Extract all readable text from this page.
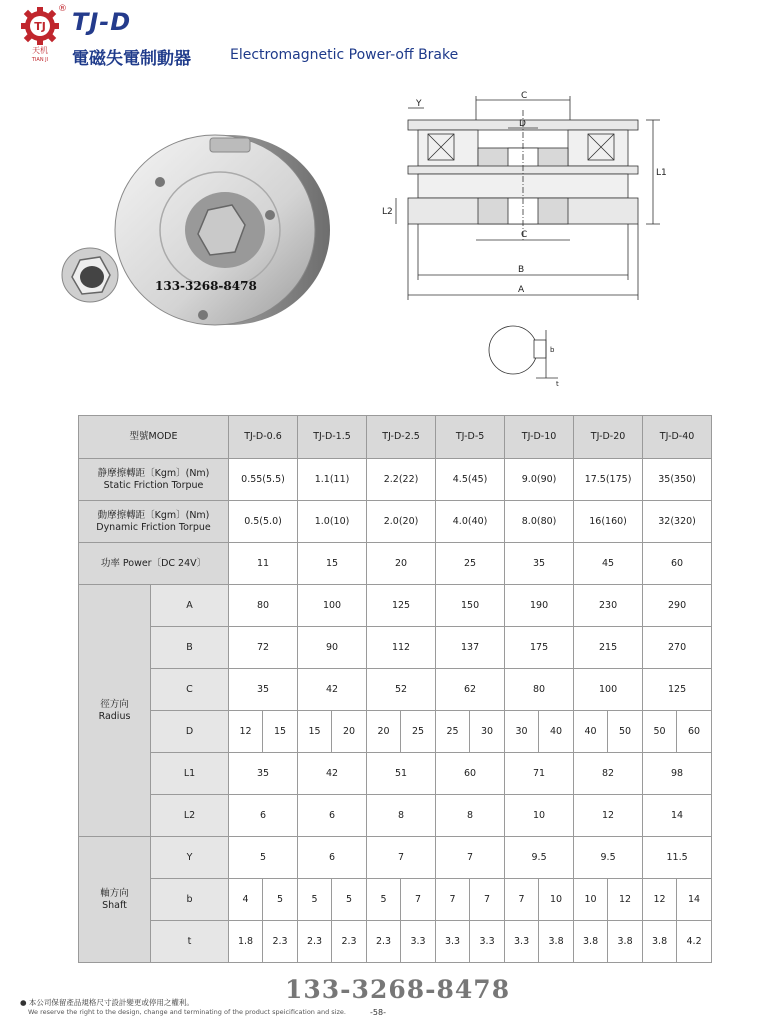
TJ
天机
TIAN JI
® TJ-D
電磁失電制動器	Electromagnetic Power-off Brake
133-3268-8478
Y
C
D
C
L1
L2
B
A
b
t
型號MODE		TJ-D-0.6		TJ-D-1.5		TJ-D-2.5		TJ-D-5		TJ-D-10		TJ-D-20		TJ-D-40	
静摩擦轉距〔Kgm〕(Nm)
Static Friction Torpue		0.55(5.5)		1.1(11)		2.2(22)		4.5(45)		9.0(90)		17.5(175)		35(350)	
動摩擦轉距〔Kgm〕(Nm)
Dynamic Friction Torpue		0.5(5.0)		1.0(10)		2.0(20)		4.0(40)		8.0(80)		16(160)		32(320)	
功率 Power〔DC 24V〕		11		15		20		25		35		45		60	
徑方向
Radius	A	80		100		125		150		190		230		290	
	B	72		90		112		137		175		215		270	
	C	35		42		52		62		80		100		125	
	D	12	15	15	20	20	25	25	30	30	40	40	50	50	60
	L1	35		42		51		60		71		82		98	
	L2	6		6		8		8		10		12		14	
軸方向
Shaft	Y	5		6		7		7		9.5		9.5		11.5	
	b	4	5	5	5	5	7	7	7	7	10	10	12	12	14
	t	1.8	2.3	2.3	2.3	2.3	3.3	3.3	3.3	3.3	3.8	3.8	3.8	3.8	4.2
133-3268-8478
● 本公司保留產品規格尺寸設計變更或停用之權利。
We reserve the right to the design, change and terminating of the product speicification and size.	-58-
